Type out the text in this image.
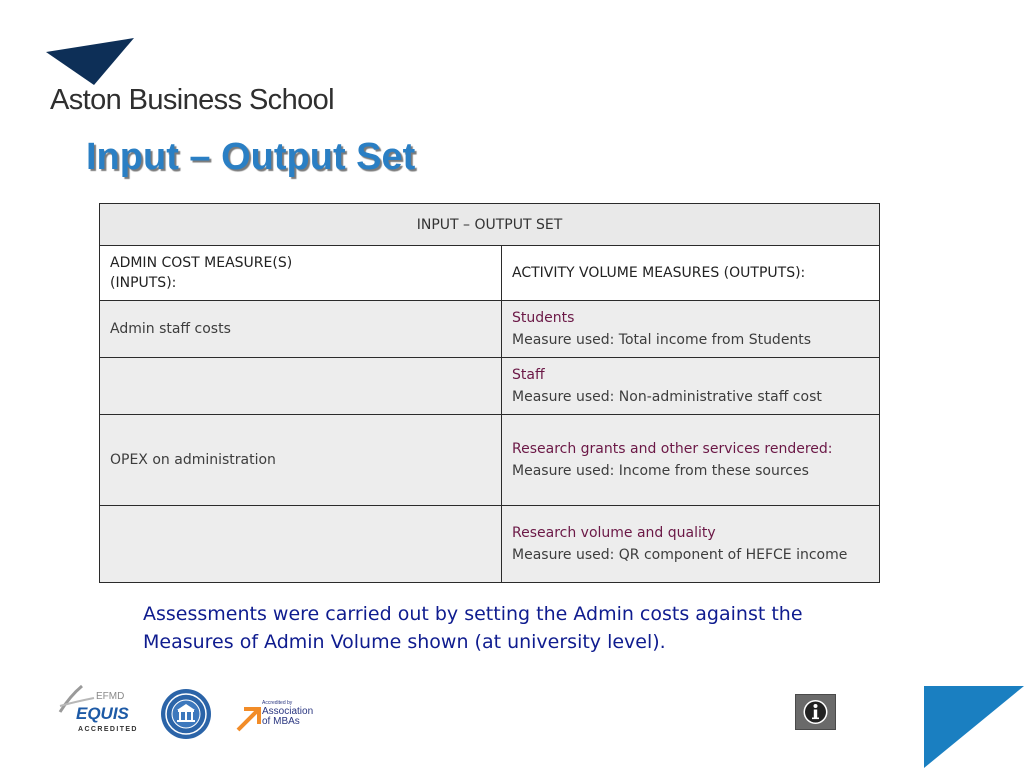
Aston Business School
Input – Output Set
INPUT – OUTPUT SET	
ADMIN COST MEASURE(S)
(INPUTS):	ACTIVITY VOLUME MEASURES (OUTPUTS):
Admin staff costs	Students
Measure used: Total income from Students

	Staff
Measure used: Non-administrative staff cost

OPEX on administration	Research grants and other services rendered:
Measure used: Income from these sources

	Research volume and quality
Measure used: QR component of HEFCE income
Assessments were carried out by setting the Admin costs against the Measures of Admin Volume shown (at university level).
EFMD
EQUIS
ACCREDITED
Accredited by
Association
of MBAs
